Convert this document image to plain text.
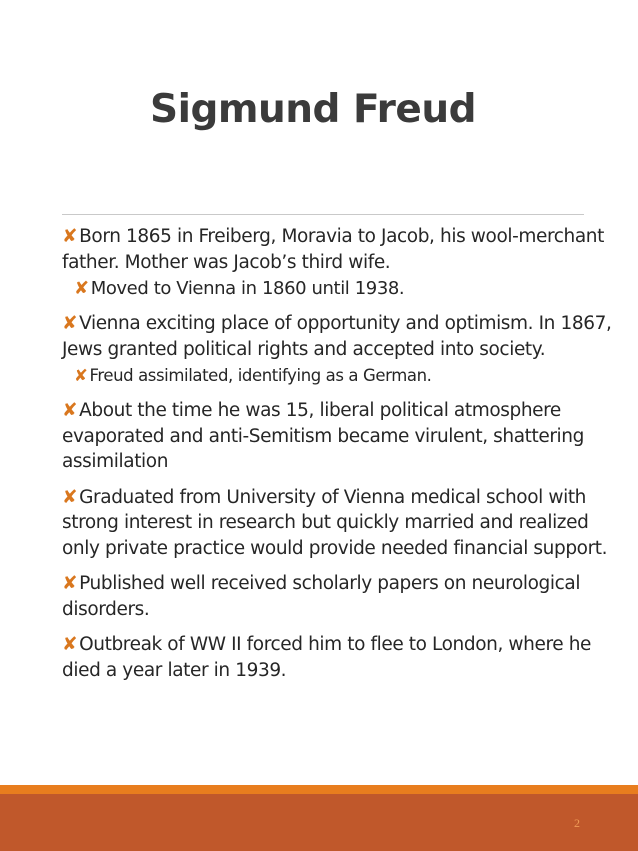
Sigmund Freud
✘ Born 1865 in Freiberg, Moravia to Jacob, his wool-merchant father. Mother was Jacob’s third wife.
✘ Moved to Vienna in 1860 until 1938.
✘ Vienna exciting place of opportunity and optimism. In 1867, Jews granted political rights and accepted into society.
✘ Freud assimilated, identifying as a German.
✘ About the time he was 15, liberal political atmosphere evaporated and anti-Semitism became virulent, shattering assimilation
✘ Graduated from University of Vienna medical school with strong interest in research but quickly married and realized only private practice would provide needed financial support.
✘ Published well received scholarly papers on neurological disorders.
✘ Outbreak of WW II forced him to flee to London, where he died a year later in 1939.
2
